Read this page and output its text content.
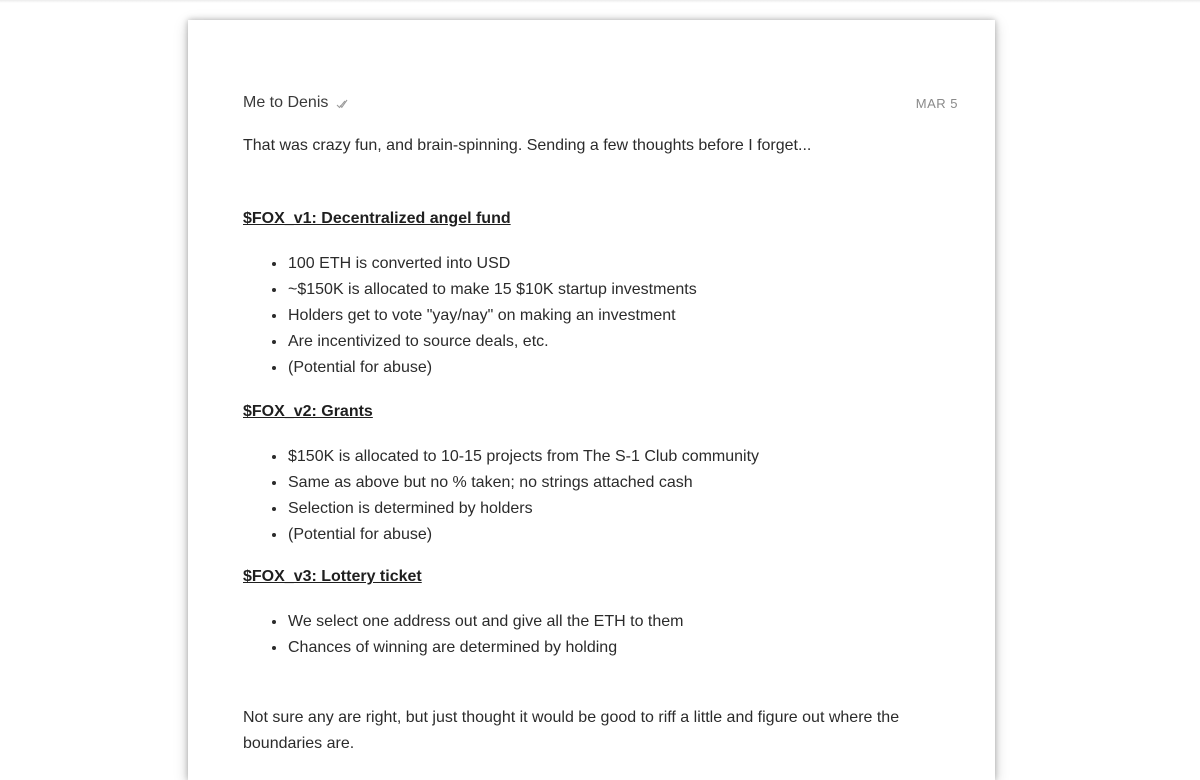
Me to Denis	MAR 5
That was crazy fun, and brain-spinning. Sending a few thoughts before I forget...
$FOX_v1: Decentralized angel fund
100 ETH is converted into USD
~$150K is allocated to make 15 $10K startup investments
Holders get to vote "yay/nay" on making an investment
Are incentivized to source deals, etc.
(Potential for abuse)
$FOX_v2: Grants
$150K is allocated to 10-15 projects from The S-1 Club community
Same as above but no % taken; no strings attached cash
Selection is determined by holders
(Potential for abuse)
$FOX_v3: Lottery ticket
We select one address out and give all the ETH to them
Chances of winning are determined by holding
Not sure any are right, but just thought it would be good to riff a little and figure out where the boundaries are.
